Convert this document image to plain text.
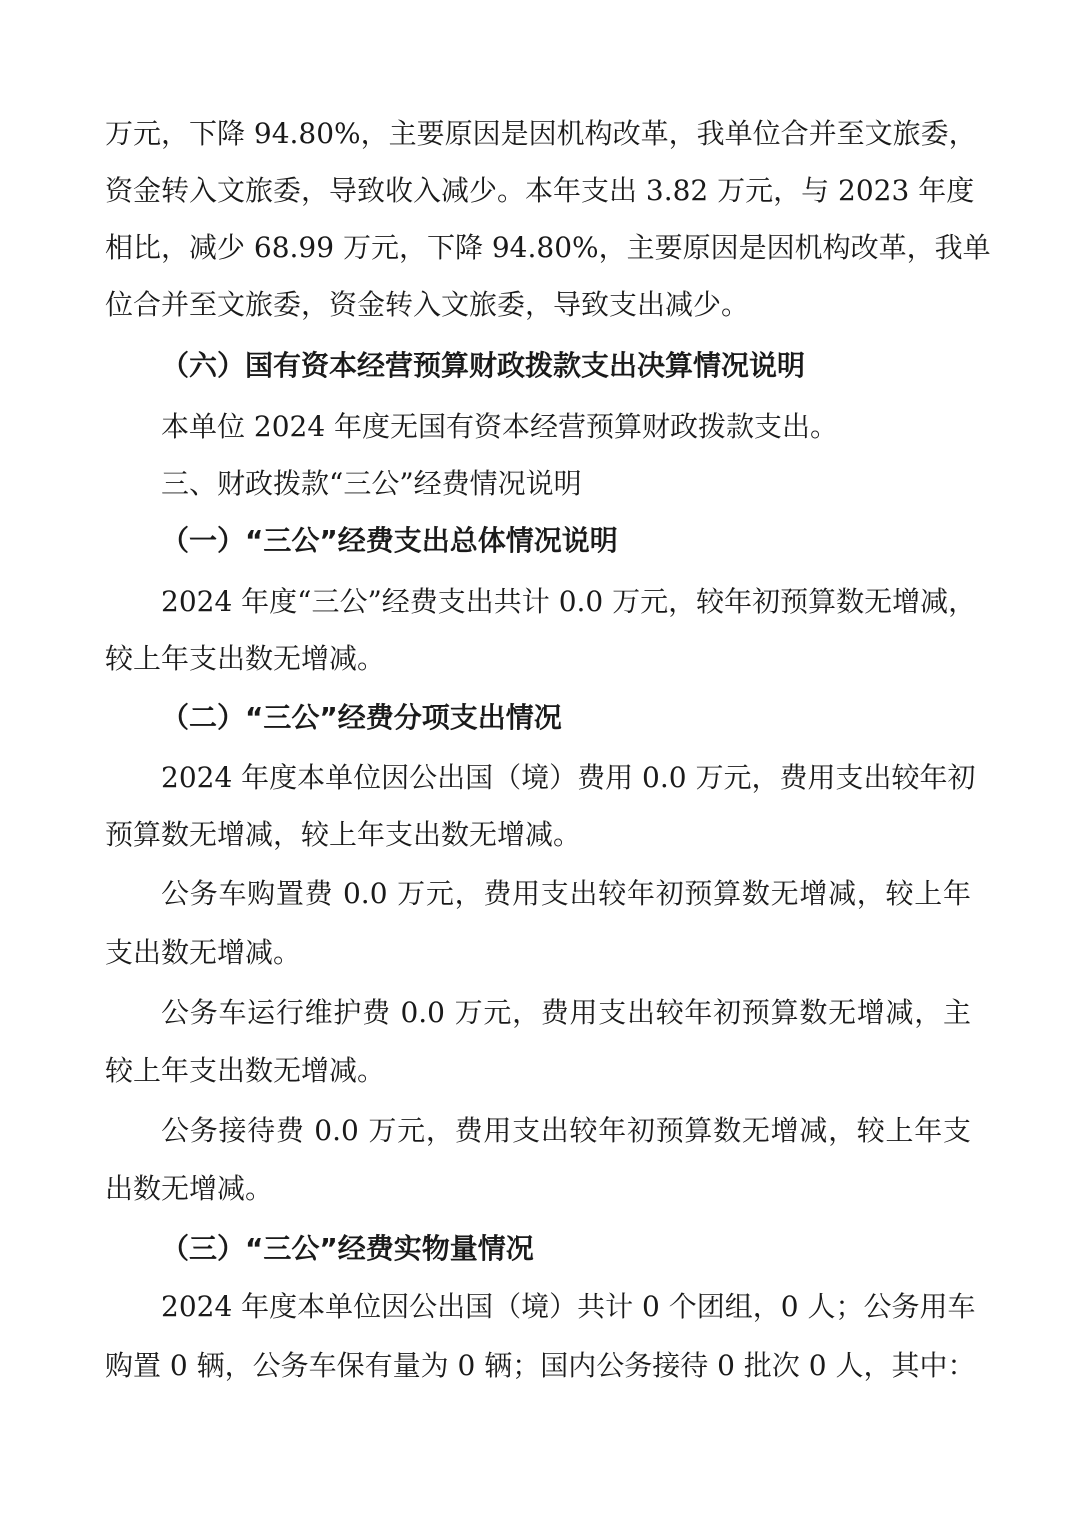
万元，下降 94.80%，主要原因是因机构改革，我单位合并至文旅委，
资金转入文旅委，导致收入减少。本年支出 3.82 万元，与 2023 年度
相比，减少 68.99 万元，下降 94.80%，主要原因是因机构改革，我单
位合并至文旅委，资金转入文旅委，导致支出减少。
（六）国有资本经营预算财政拨款支出决算情况说明
本单位 2024 年度无国有资本经营预算财政拨款支出。
三、财政拨款“三公”经费情况说明
（一）“三公”经费支出总体情况说明
2024 年度“三公”经费支出共计 0.0 万元，较年初预算数无增减，
较上年支出数无增减。
（二）“三公”经费分项支出情况
2024 年度本单位因公出国（境）费用 0.0 万元，费用支出较年初
预算数无增减，较上年支出数无增减。
公务车购置费 0.0 万元，费用支出较年初预算数无增减，较上年
支出数无增减。
公务车运行维护费 0.0 万元，费用支出较年初预算数无增减，主
较上年支出数无增减。
公务接待费 0.0 万元，费用支出较年初预算数无增减，较上年支
出数无增减。
（三）“三公”经费实物量情况
2024 年度本单位因公出国（境）共计 0 个团组，0 人；公务用车
购置 0 辆，公务车保有量为 0 辆；国内公务接待 0 批次 0 人，其中：
